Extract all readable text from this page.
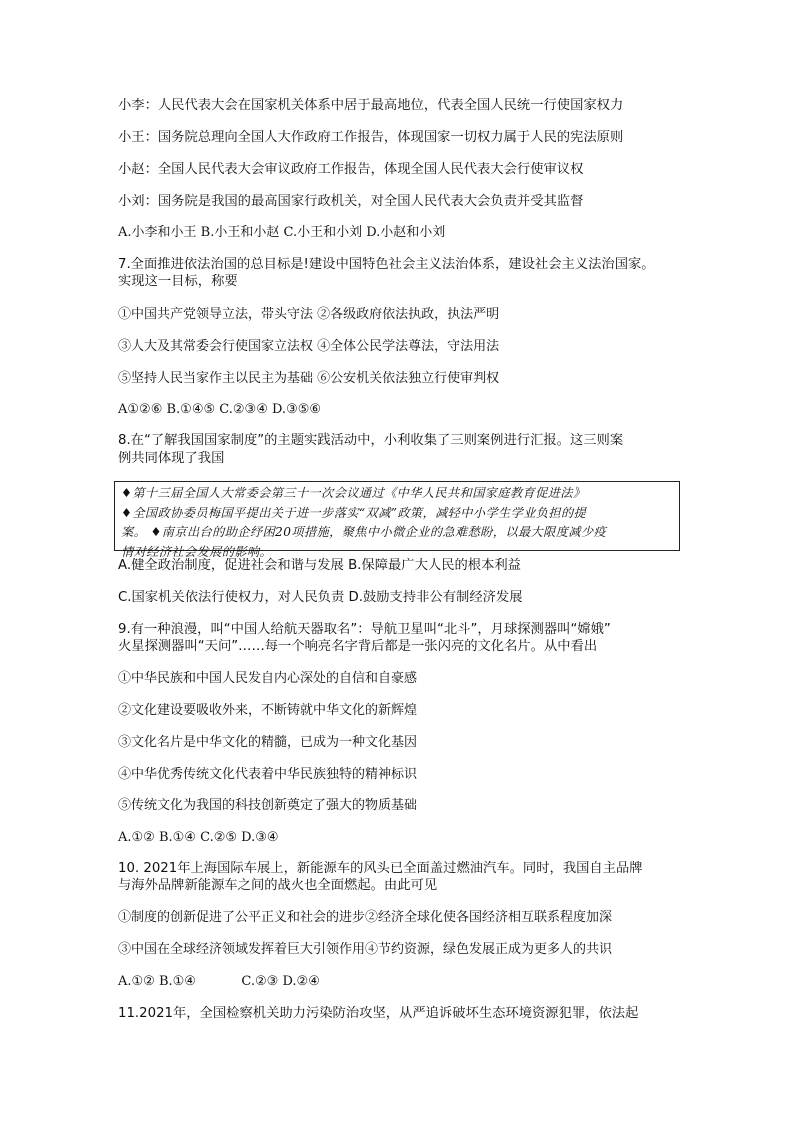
小李：人民代表大会在国家机关体系中居于最高地位，代表全国人民统一行使国家权力
小王：国务院总理向全国人大作政府工作报告，体现国家一切权力属于人民的宪法原则
小赵：全国人民代表大会审议政府工作报告，体现全国人民代表大会行使审议权
小刘：国务院是我国的最高国家行政机关，对全国人民代表大会负责并受其监督
A.小李和小王 B.小王和小赵 C.小王和小刘 D.小赵和小刘
7.全面推进依法治国的总目标是!建设中国特色社会主义法治体系，建设社会主义法治国家。
实现这一目标，称要
①中国共产党领导立法，带头守法 ②各级政府依法执政，执法严明
③人大及其常委会行使国家立法权 ④全体公民学法尊法，守法用法
⑤坚持人民当家作主以民主为基础 ⑥公安机关依法独立行使审判权
A①②⑥ B.①④⑤ C.②③④ D.③⑤⑥
8.在“了解我国国家制度”的主题实践活动中，小利收集了三则案例进行汇报。这三则案
例共同体现了我国
♦第十三届全国人大常委会第三十一次会议通过《中华人民共和国家庭教育促进法》
♦全国政协委员梅国平提出关于进一步落实“双减”政策，减轻中小学生学业负担的提
案。 ♦南京出台的助企纾困20项措施，聚焦中小微企业的急难愁盼，以最大限度减少疫
情对经济社会发展的影响。
A.健全政治制度，促进社会和谐与发展 B.保障最广大人民的根本利益
C.国家机关依法行使权力，对人民负责 D.鼓励支持非公有制经济发展
9.有一种浪漫，叫“中国人给航天器取名”：导航卫星叫“北斗”，月球探测器叫“嫦娥”
火星探测器叫“天问”……每一个响亮名字背后都是一张闪亮的文化名片。从中看出
①中华民族和中国人民发自内心深处的自信和自豪感
②文化建设要吸收外来，不断铸就中华文化的新辉煌
③文化名片是中华文化的精髓，已成为一种文化基因
④中华优秀传统文化代表着中华民族独特的精神标识
⑤传统文化为我国的科技创新奠定了强大的物质基础
A.①② B.①④ C.②⑤ D.③④
10. 2021年上海国际车展上，新能源车的风头已全面盖过燃油汽车。同时，我国自主品牌
与海外品牌新能源车之间的战火也全面燃起。由此可见
①制度的创新促进了公平正义和社会的进步②经济全球化使各国经济相互联系程度加深
③中国在全球经济领域发挥着巨大引领作用④节约资源，绿色发展正成为更多人的共识
A.①② B.①④           C.②③ D.②④
11.2021年，全国检察机关助力污染防治攻坚，从严追诉破坏生态环境资源犯罪，依法起
